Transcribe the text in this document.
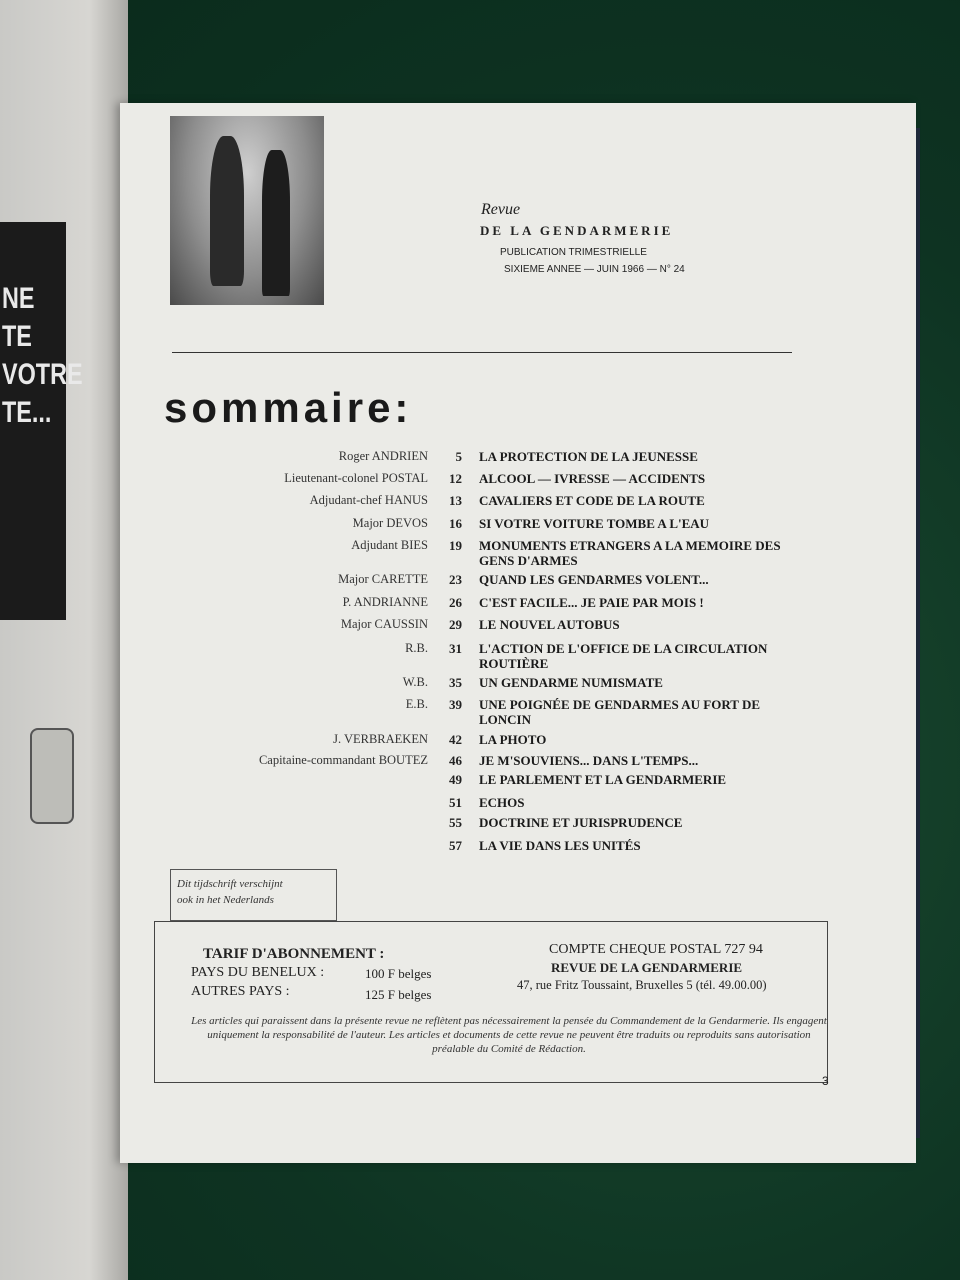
NE
TE
VOTRE
TE...
Revue
DE LA GENDARMERIE
PUBLICATION TRIMESTRIELLE
SIXIEME ANNEE — JUIN 1966 — N° 24
sommaire:
Roger ANDRIEN	5 LA PROTECTION DE LA JEUNESSE
Lieutenant-colonel POSTAL	12 ALCOOL — IVRESSE — ACCIDENTS
Adjudant-chef HANUS	13 CAVALIERS ET CODE DE LA ROUTE
Major DEVOS	16 SI VOTRE VOITURE TOMBE A L'EAU
Adjudant BIES	19 MONUMENTS ETRANGERS A LA MEMOIRE DES GENS D'ARMES
Major CARETTE	23 QUAND LES GENDARMES VOLENT...
P. ANDRIANNE	26 C'EST FACILE... JE PAIE PAR MOIS !
Major CAUSSIN	29 LE NOUVEL AUTOBUS
R.B.	31 L'ACTION DE L'OFFICE DE LA CIRCULATION ROUTIÈRE
W.B.	35 UN GENDARME NUMISMATE
E.B.	39 UNE POIGNÉE DE GENDARMES AU FORT DE LONCIN
J. VERBRAEKEN	42 LA PHOTO
Capitaine-commandant BOUTEZ	46 JE M'SOUVIENS... DANS L'TEMPS...
49 LE PARLEMENT ET LA GENDARMERIE
51 ECHOS
55 DOCTRINE ET JURISPRUDENCE
57 LA VIE DANS LES UNITÉS
Dit tijdschrift verschijnt
ook in het Nederlands
TARIF D'ABONNEMENT :
PAYS DU BENELUX :	100 F belges
AUTRES PAYS :	125 F belges
COMPTE CHEQUE POSTAL 727 94
REVUE DE LA GENDARMERIE
47, rue Fritz Toussaint, Bruxelles 5 (tél. 49.00.00)
Les articles qui paraissent dans la présente revue ne reflètent pas nécessairement la pensée du Commandement de la Gendarmerie. Ils engagent uniquement la responsabilité de l'auteur. Les articles et documents de cette revue ne peuvent être traduits ou reproduits sans autorisation préalable du Comité de Rédaction.
3
